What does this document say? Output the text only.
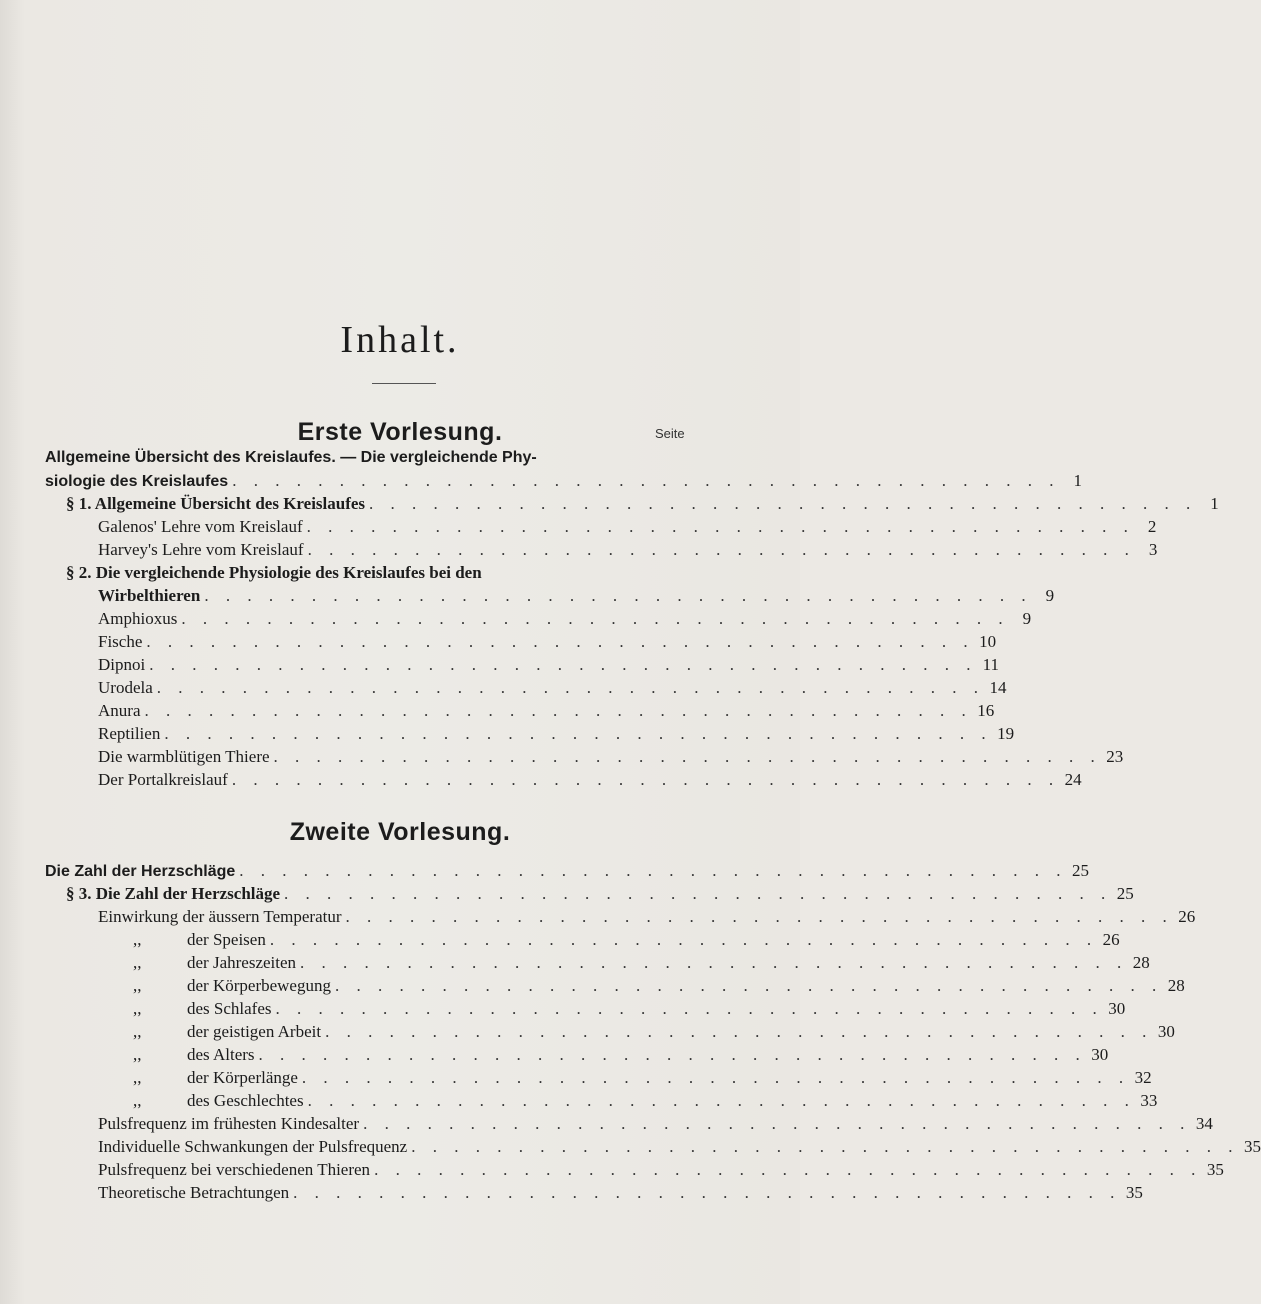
Inhalt.
Erste Vorlesung.	Seite
Allgemeine Übersicht des Kreislaufes. — Die vergleichende Phy-
siologie des Kreislaufes . . . . . . . . . . . . . . . . . . . . . . . . . . . . . . . . . . . . . . . 1
§ 1. Allgemeine Übersicht des Kreislaufes . . . . . . . . . . . . . . . . . . . . . . . . . . . . . . . . . . . . . . . 1
Galenos' Lehre vom Kreislauf . . . . . . . . . . . . . . . . . . . . . . . . . . . . . . . . . . . . . . . 2
Harvey's Lehre vom Kreislauf . . . . . . . . . . . . . . . . . . . . . . . . . . . . . . . . . . . . . . . 3
§ 2. Die vergleichende Physiologie des Kreislaufes bei den
Wirbelthieren . . . . . . . . . . . . . . . . . . . . . . . . . . . . . . . . . . . . . . . 9
Amphioxus . . . . . . . . . . . . . . . . . . . . . . . . . . . . . . . . . . . . . . . 9
Fische . . . . . . . . . . . . . . . . . . . . . . . . . . . . . . . . . . . . . . . 10
Dipnoi . . . . . . . . . . . . . . . . . . . . . . . . . . . . . . . . . . . . . . . 11
Urodela . . . . . . . . . . . . . . . . . . . . . . . . . . . . . . . . . . . . . . . 14
Anura . . . . . . . . . . . . . . . . . . . . . . . . . . . . . . . . . . . . . . . 16
Reptilien . . . . . . . . . . . . . . . . . . . . . . . . . . . . . . . . . . . . . . . 19
Die warmblütigen Thiere . . . . . . . . . . . . . . . . . . . . . . . . . . . . . . . . . . . . . . . 23
Der Portalkreislauf . . . . . . . . . . . . . . . . . . . . . . . . . . . . . . . . . . . . . . . 24
Zweite Vorlesung.
Die Zahl der Herzschläge . . . . . . . . . . . . . . . . . . . . . . . . . . . . . . . . . . . . . . . 25
§ 3. Die Zahl der Herzschläge . . . . . . . . . . . . . . . . . . . . . . . . . . . . . . . . . . . . . . . 25
Einwirkung der äussern Temperatur . . . . . . . . . . . . . . . . . . . . . . . . . . . . . . . . . . . . . . . 26
,,	der Speisen . . . . . . . . . . . . . . . . . . . . . . . . . . . . . . . . . . . . . . . 26
,,	der Jahreszeiten . . . . . . . . . . . . . . . . . . . . . . . . . . . . . . . . . . . . . . . 28
,,	der Körperbewegung . . . . . . . . . . . . . . . . . . . . . . . . . . . . . . . . . . . . . . . 28
,,	des Schlafes . . . . . . . . . . . . . . . . . . . . . . . . . . . . . . . . . . . . . . . 30
,,	der geistigen Arbeit . . . . . . . . . . . . . . . . . . . . . . . . . . . . . . . . . . . . . . . 30
,,	des Alters . . . . . . . . . . . . . . . . . . . . . . . . . . . . . . . . . . . . . . . 30
,,	der Körperlänge . . . . . . . . . . . . . . . . . . . . . . . . . . . . . . . . . . . . . . . 32
,,	des Geschlechtes . . . . . . . . . . . . . . . . . . . . . . . . . . . . . . . . . . . . . . . 33
Pulsfrequenz im frühesten Kindesalter . . . . . . . . . . . . . . . . . . . . . . . . . . . . . . . . . . . . . . . 34
Individuelle Schwankungen der Pulsfrequenz . . . . . . . . . . . . . . . . . . . . . . . . . . . . . . . . . . . . . . . 35
Pulsfrequenz bei verschiedenen Thieren . . . . . . . . . . . . . . . . . . . . . . . . . . . . . . . . . . . . . . . 35
Theoretische Betrachtungen . . . . . . . . . . . . . . . . . . . . . . . . . . . . . . . . . . . . . . . 35
